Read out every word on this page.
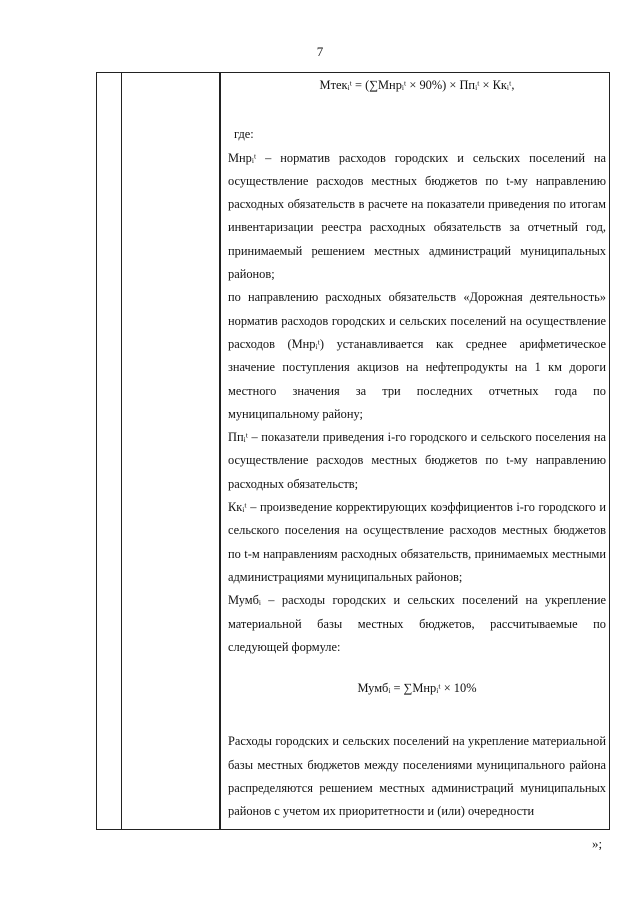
7
Мтекᵢᵗ = (∑Мнрᵢᵗ × 90%) × Ппᵢᵗ × Ккᵢᵗ,

где:

Мнрᵢᵗ – норматив расходов городских и сельских поселений на осуществление расходов местных бюджетов по t-му направлению расходных обязательств в расчете на показатели приведения по итогам инвентаризации реестра расходных обязательств за отчетный год, принимаемый решением местных администраций муниципальных районов;

по направлению расходных обязательств «Дорожная деятельность» норматив расходов городских и сельских поселений на осуществление расходов (Мнрᵢᵗ) устанавливается как среднее арифметическое значение поступления акцизов на нефтепродукты на 1 км дороги местного значения за три последних отчетных года по муниципальному району;

Ппᵢᵗ – показатели приведения i-го городского и сельского поселения на осуществление расходов местных бюджетов по t-му направлению расходных обязательств;

Ккᵢᵗ – произведение корректирующих коэффициентов i-го городского и сельского поселения на осуществление расходов местных бюджетов по t-м направлениям расходных обязательств, принимаемых местными администрациями муниципальных районов;

Мумбᵢ – расходы городских и сельских поселений на укрепление материальной базы местных бюджетов, рассчитываемые по следующей формуле:

Мумбᵢ = ∑Мнрᵢᵗ × 10%

Расходы городских и сельских поселений на укрепление материальной базы местных бюджетов между поселениями муниципального района распределяются решением местных администраций муниципальных районов с учетом их приоритетности и (или) очередности

»;
